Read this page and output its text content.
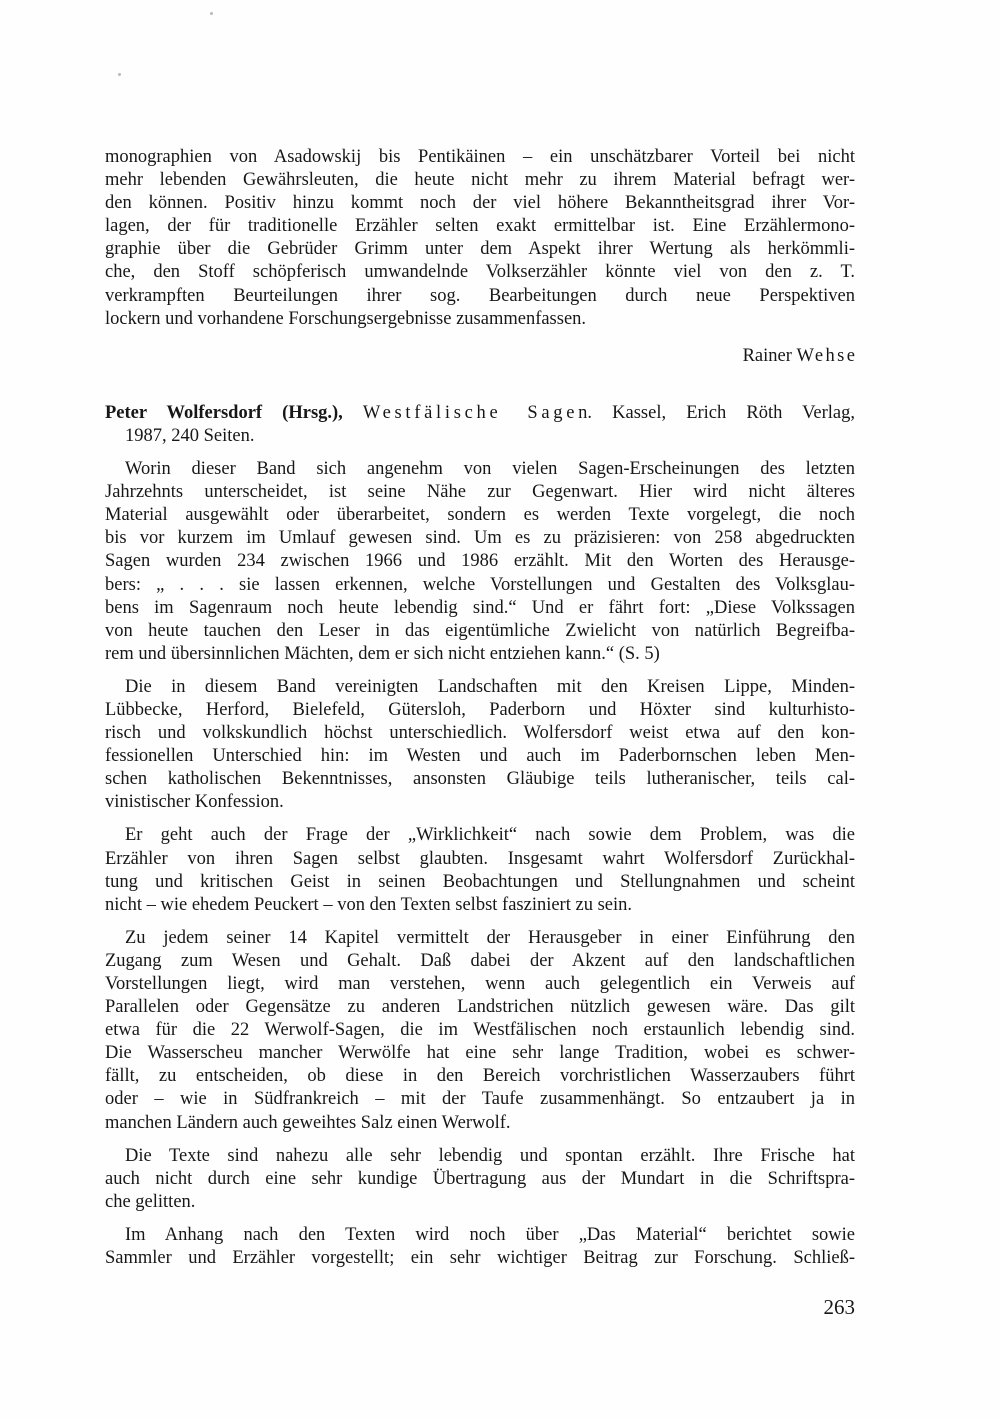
monographien von Asadowskij bis Pentikäinen – ein unschätzbarer Vorteil bei nicht
mehr lebenden Gewährsleuten, die heute nicht mehr zu ihrem Material befragt wer-
den können. Positiv hinzu kommt noch der viel höhere Bekanntheitsgrad ihrer Vor-
lagen, der für traditionelle Erzähler selten exakt ermittelbar ist. Eine Erzählermono-
graphie über die Gebrüder Grimm unter dem Aspekt ihrer Wertung als herkömmli-
che, den Stoff schöpferisch umwandelnde Volkserzähler könnte viel von den z. T.
verkrampften Beurteilungen ihrer sog. Bearbeitungen durch neue Perspektiven
lockern und vorhandene Forschungsergebnisse zusammenfassen.
Rainer Wehse
Peter Wolfersdorf (Hrsg.), Westfälische Sagen. Kassel, Erich Röth Verlag,
1987, 240 Seiten.
Worin dieser Band sich angenehm von vielen Sagen-Erscheinungen des letzten
Jahrzehnts unterscheidet, ist seine Nähe zur Gegenwart. Hier wird nicht älteres
Material ausgewählt oder überarbeitet, sondern es werden Texte vorgelegt, die noch
bis vor kurzem im Umlauf gewesen sind. Um es zu präzisieren: von 258 abgedruckten
Sagen wurden 234 zwischen 1966 und 1986 erzählt. Mit den Worten des Herausge-
bers: „ . . . sie lassen erkennen, welche Vorstellungen und Gestalten des Volksglau-
bens im Sagenraum noch heute lebendig sind.“ Und er fährt fort: „Diese Volkssagen
von heute tauchen den Leser in das eigentümliche Zwielicht von natürlich Begreifba-
rem und übersinnlichen Mächten, dem er sich nicht entziehen kann.“ (S. 5)
Die in diesem Band vereinigten Landschaften mit den Kreisen Lippe, Minden-
Lübbecke, Herford, Bielefeld, Gütersloh, Paderborn und Höxter sind kulturhisto-
risch und volkskundlich höchst unterschiedlich. Wolfersdorf weist etwa auf den kon-
fessionellen Unterschied hin: im Westen und auch im Paderbornschen leben Men-
schen katholischen Bekenntnisses, ansonsten Gläubige teils lutheranischer, teils cal-
vinistischer Konfession.
Er geht auch der Frage der „Wirklichkeit“ nach sowie dem Problem, was die
Erzähler von ihren Sagen selbst glaubten. Insgesamt wahrt Wolfersdorf Zurückhal-
tung und kritischen Geist in seinen Beobachtungen und Stellungnahmen und scheint
nicht – wie ehedem Peuckert – von den Texten selbst fasziniert zu sein.
Zu jedem seiner 14 Kapitel vermittelt der Herausgeber in einer Einführung den
Zugang zum Wesen und Gehalt. Daß dabei der Akzent auf den landschaftlichen
Vorstellungen liegt, wird man verstehen, wenn auch gelegentlich ein Verweis auf
Parallelen oder Gegensätze zu anderen Landstrichen nützlich gewesen wäre. Das gilt
etwa für die 22 Werwolf-Sagen, die im Westfälischen noch erstaunlich lebendig sind.
Die Wasserscheu mancher Werwölfe hat eine sehr lange Tradition, wobei es schwer-
fällt, zu entscheiden, ob diese in den Bereich vorchristlichen Wasserzaubers führt
oder – wie in Südfrankreich – mit der Taufe zusammenhängt. So entzaubert ja in
manchen Ländern auch geweihtes Salz einen Werwolf.
Die Texte sind nahezu alle sehr lebendig und spontan erzählt. Ihre Frische hat
auch nicht durch eine sehr kundige Übertragung aus der Mundart in die Schriftspra-
che gelitten.
Im Anhang nach den Texten wird noch über „Das Material“ berichtet sowie
Sammler und Erzähler vorgestellt; ein sehr wichtiger Beitrag zur Forschung. Schließ-
263
